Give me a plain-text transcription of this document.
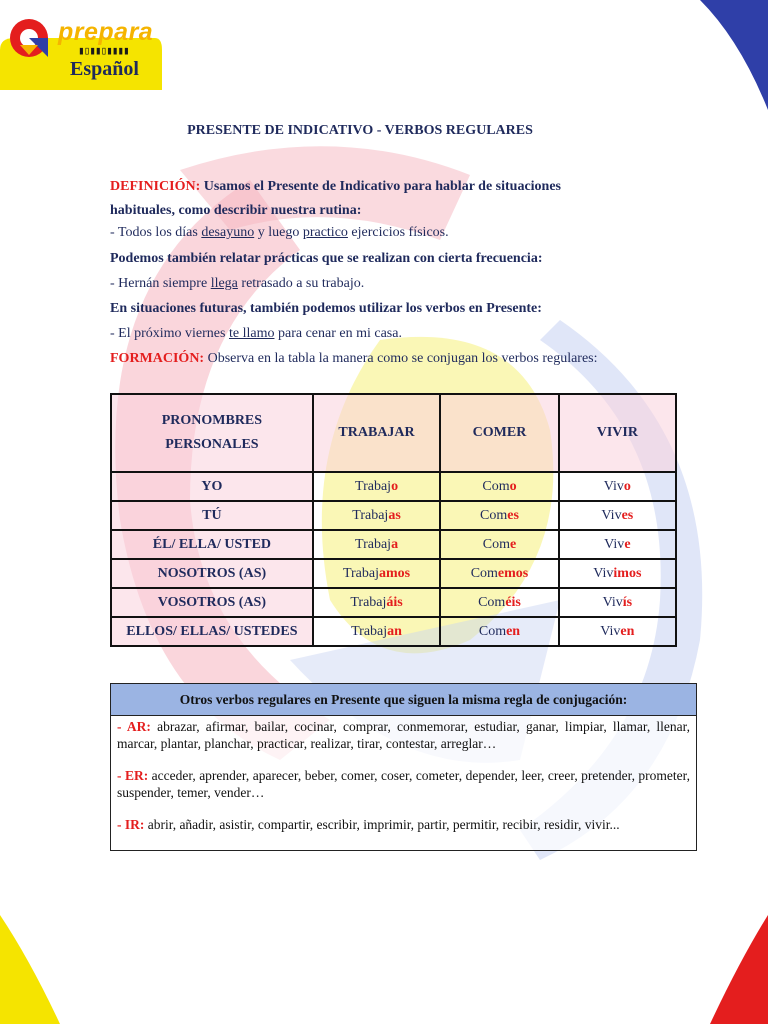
prepara
▮▯▮▮▯▮▮▮▮
Español
PRESENTE DE INDICATIVO - VERBOS REGULARES
DEFINICIÓN: Usamos el Presente de Indicativo para hablar de situaciones habituales, como describir nuestra rutina:
- Todos los días desayuno y luego practico ejercicios físicos.
Podemos también relatar prácticas que se realizan con cierta frecuencia:
- Hernán siempre llega retrasado a su trabajo.
En situaciones futuras, también podemos utilizar los verbos en Presente:
- El próximo viernes te llamo para cenar en mi casa.
FORMACIÓN: Observa en la tabla la manera como se conjugan los verbos regulares:
PRONOMBRES PERSONALES	TRABAJAR	COMER	VIVIR
YO	Trabajo	Como	Vivo
TÚ	Trabajas	Comes	Vives
ÉL/ ELLA/ USTED	Trabaja	Come	Vive
NOSOTROS (AS)	Trabajamos	Comemos	Vivimos
VOSOTROS (AS)	Trabajáis	Coméis	Vivís
ELLOS/ ELLAS/ USTEDES	Trabajan	Comen	Viven
Otros verbos regulares en Presente que siguen la misma regla de conjugación:

- AR: abrazar, afirmar, bailar, cocinar, comprar, conmemorar, estudiar, ganar, limpiar, llamar, llenar, marcar, plantar, planchar, practicar, realizar, tirar, contestar, arreglar…

- ER: acceder, aprender, aparecer, beber, comer, coser, cometer, depender, leer, creer, pretender, prometer, suspender, temer, vender…

- IR: abrir, añadir, asistir, compartir, escribir, imprimir, partir, permitir, recibir, residir, vivir...
